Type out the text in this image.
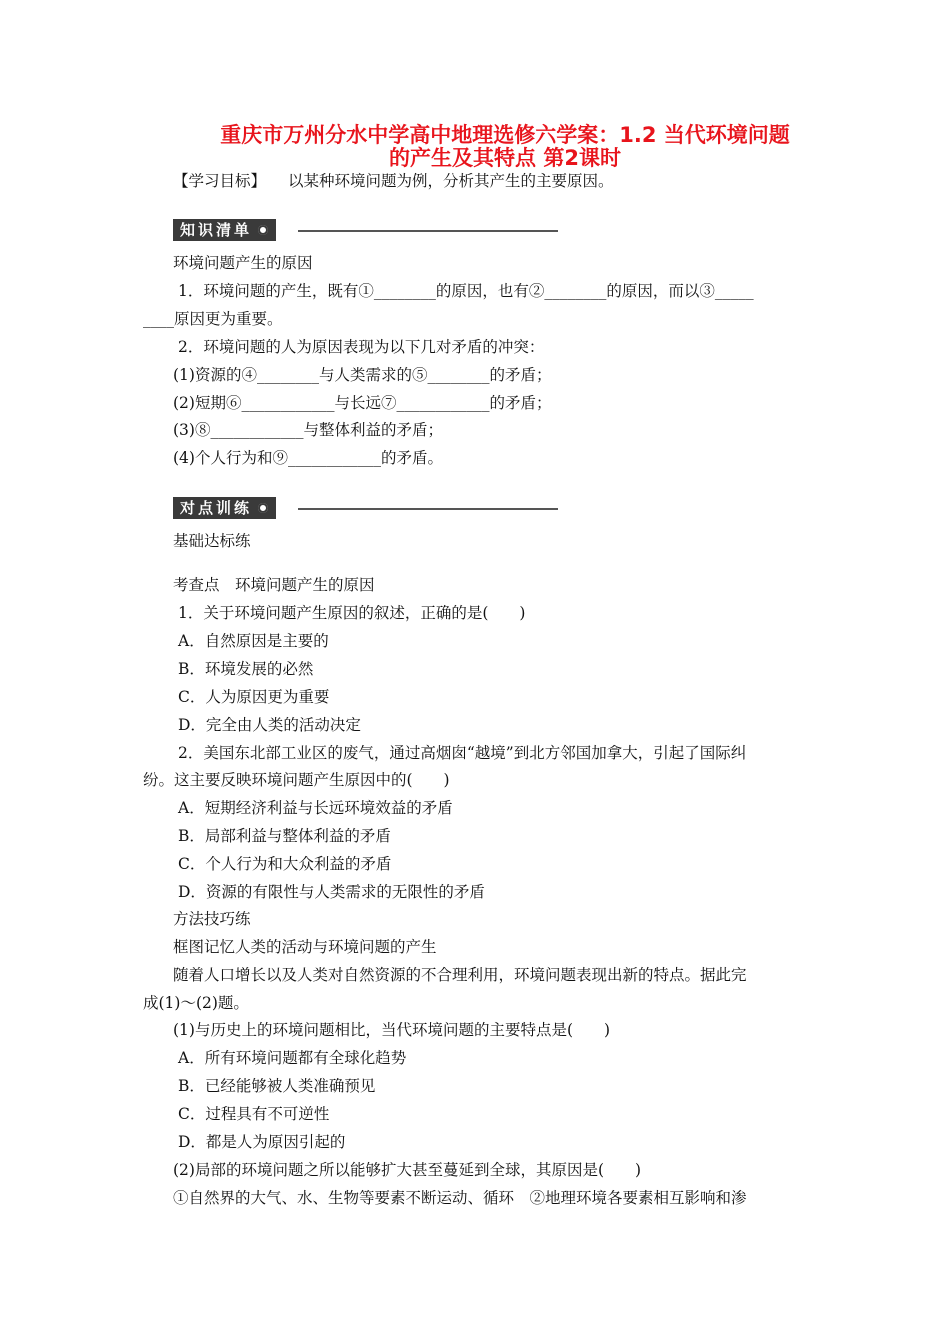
重庆市万州分水中学高中地理选修六学案：1.2 当代环境问题
的产生及其特点 第2课时
【学习目标】 以某种环境问题为例，分析其产生的主要原因。
知识清单
环境问题产生的原因
1．环境问题的产生，既有①________的原因，也有②________的原因，而以③_____
____原因更为重要。
2．环境问题的人为原因表现为以下几对矛盾的冲突：
(1)资源的④________与人类需求的⑤________的矛盾；
(2)短期⑥____________与长远⑦____________的矛盾；
(3)⑧____________与整体利益的矛盾；
(4)个人行为和⑨____________的矛盾。
对点训练
基础达标练
考查点　环境问题产生的原因
1．关于环境问题产生原因的叙述，正确的是(　　)
A．自然原因是主要的
B．环境发展的必然
C．人为原因更为重要
D．完全由人类的活动决定
2．美国东北部工业区的废气，通过高烟囱“越境”到北方邻国加拿大，引起了国际纠
纷。这主要反映环境问题产生原因中的(　　)
A．短期经济利益与长远环境效益的矛盾
B．局部利益与整体利益的矛盾
C．个人行为和大众利益的矛盾
D．资源的有限性与人类需求的无限性的矛盾
方法技巧练
框图记忆人类的活动与环境问题的产生
随着人口增长以及人类对自然资源的不合理利用，环境问题表现出新的特点。据此完
成(1)～(2)题。
(1)与历史上的环境问题相比，当代环境问题的主要特点是(　　)
A．所有环境问题都有全球化趋势
B．已经能够被人类准确预见
C．过程具有不可逆性
D．都是人为原因引起的
(2)局部的环境问题之所以能够扩大甚至蔓延到全球，其原因是(　　)
①自然界的大气、水、生物等要素不断运动、循环　②地理环境各要素相互影响和渗
